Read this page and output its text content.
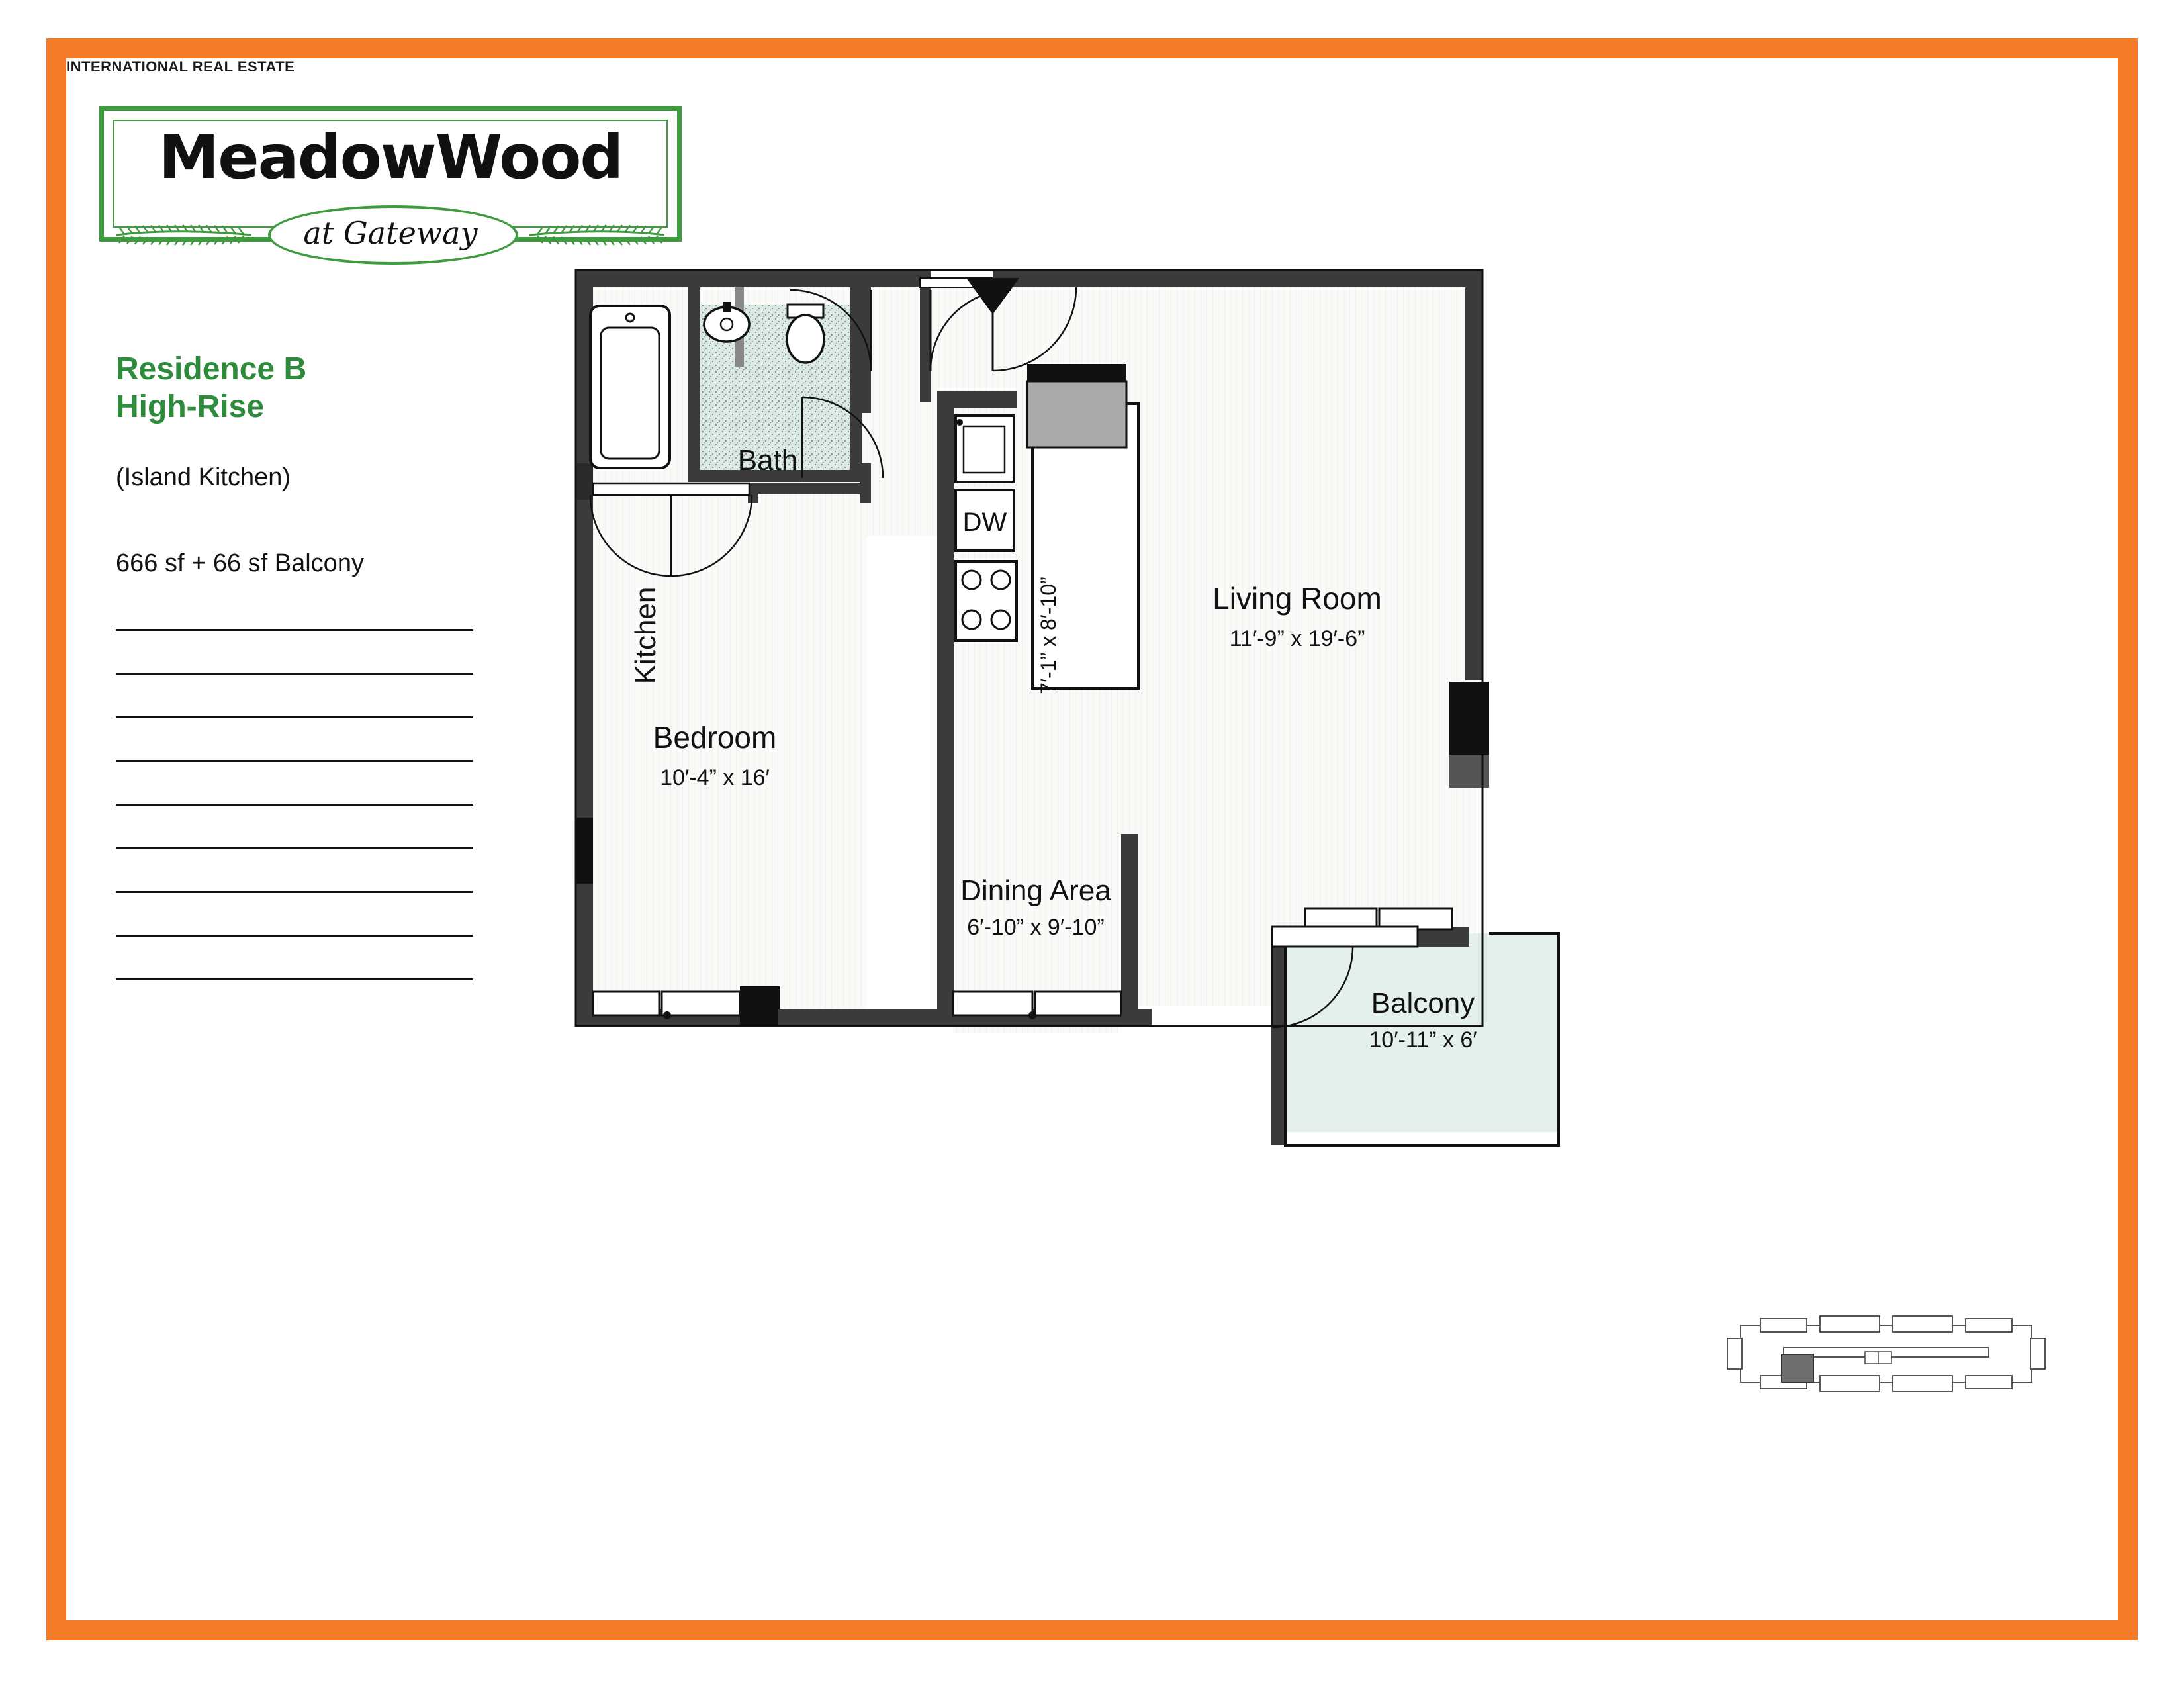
INTERNATIONAL REAL ESTATE
MeadowWood
at Gateway
Residence B
High-Rise
(Island Kitchen)
666 sf + 66 sf Balcony
Bath
DW
Living Room
11′-9” x 19′-6”
Bedroom
10′-4” x 16′
Dining Area
6′-10” x 9′-10”
Balcony
10′-11” x 6′
Kitchen	7′-1” x 8′-10”
